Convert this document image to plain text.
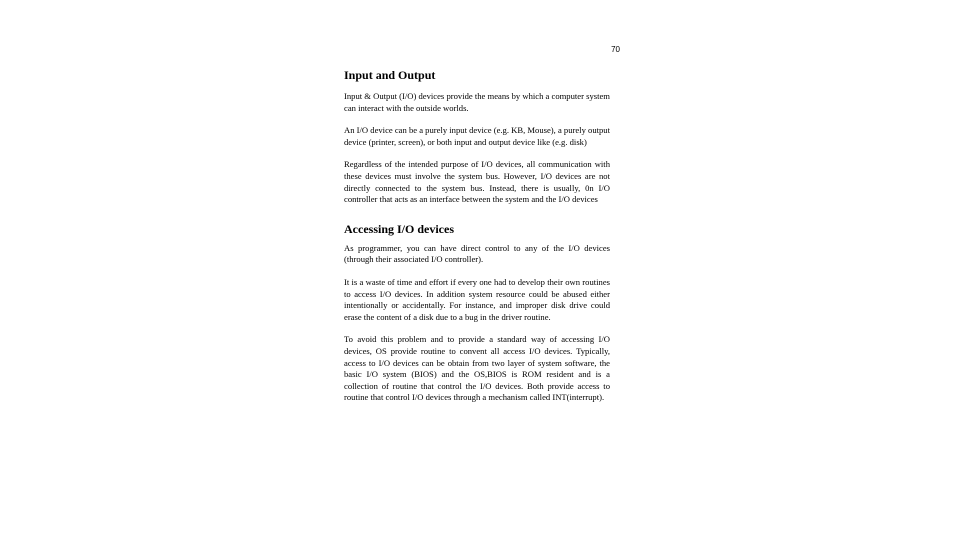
70
Input and Output

Input & Output (I/O) devices provide the means by which a computer system can interact with the outside worlds.

An I/O device can be a purely input device (e.g. KB, Mouse), a purely output device (printer, screen), or both input and output device like (e.g. disk)

Regardless of the intended purpose of I/O devices, all communication with these devices must involve the system bus. However, I/O devices are not directly connected to the system bus. Instead, there is usually, 0n I/O controller that acts as an interface between the system and the I/O devices

Accessing I/O devices

As programmer, you can have direct control to any of the I/O devices (through their associated I/O controller).

It is a waste of time and effort if every one had to develop their own routines to access I/O devices. In addition system resource could be abused either intentionally or accidentally. For instance, and improper disk drive could erase the content of a disk due to a bug in the driver routine.

To avoid this problem and to provide a standard way of accessing I/O devices, OS provide routine to convent all access I/O devices. Typically, access to I/O devices can be obtain from two layer of system software, the basic I/O system (BIOS) and the OS,BIOS is ROM resident and is a collection of routine that control the I/O devices. Both provide access to routine that control I/O devices through a mechanism called INT(interrupt).
